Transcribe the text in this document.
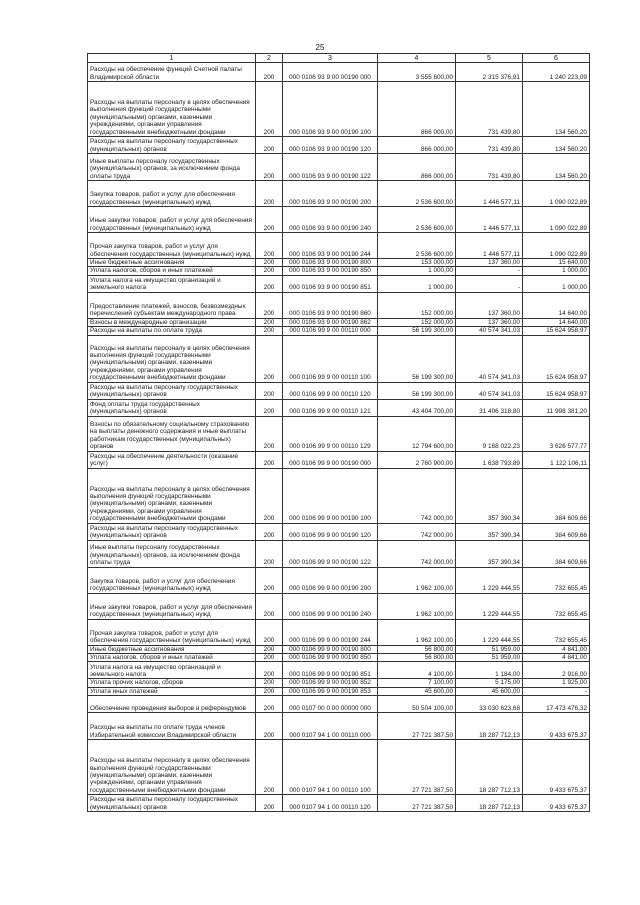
25
1	2	3	4	5	6
Расходы на обеспечение функций Счетной палаты Владимирской области	200	000 0106 93 9 00 00190 000	3 555 600,00	2 315 376,91	1 240 223,09
Расходы на выплаты персоналу в целях обеспечения выполнения функций государственными (муниципальными) органами, казенными учреждениями, органами управления государственными внебюджетными фондами	200	000 0106 93 9 00 00190 100	866 000,00	731 439,80	134 560,20
Расходы на выплаты персоналу государственных (муниципальных) органов	200	000 0106 93 9 00 00190 120	866 000,00	731 439,80	134 560,20
Иные выплаты персоналу государственных (муниципальных) органов, за исключением фонда оплаты труда	200	000 0106 93 9 00 00190 122	866 000,00	731 439,80	134 560,20
Закупка товаров, работ и услуг для обеспечения государственных (муниципальных) нужд	200	000 0106 93 9 00 00190 200	2 536 600,00	1 446 577,11	1 090 022,89
Иные закупки товаров, работ и услуг для обеспечения государственных (муниципальных) нужд	200	000 0106 93 9 00 00190 240	2 536 600,00	1 446 577,11	1 090 022,89
Прочая закупка товаров, работ и услуг для обеспечения государственных (муниципальных) нужд	200	000 0106 93 9 00 00190 244	2 536 600,00	1 446 577,11	1 090 022,89
Иные бюджетные ассигнования	200	000 0106 93 9 00 00190 800	153 000,00	137 360,00	15 640,00
Уплата налогов, сборов и иных платежей	200	000 0106 93 9 00 00190 850	1 000,00	-	1 000,00
Уплата налога на имущество организаций и земельного налога	200	000 0106 93 9 00 00190 851	1 000,00	-	1 000,00
Предоставление платежей, взносов, безвозмездных перечислений субъектам международного права	200	000 0106 93 9 00 00190 860	152 000,00	137 360,00	14 640,00
Взносы в международные организации	200	000 0106 93 9 00 00190 862	152 000,00	137 360,00	14 640,00
Расходы на выплаты по оплате труда	200	000 0106 99 9 00 00110 000	56 199 300,00	40 574 341,03	15 624 958,97
Расходы на выплаты персоналу в целях обеспечения выполнения функций государственными (муниципальными) органами, казенными учреждениями, органами управления государственными внебюджетными фондами	200	000 0106 99 9 00 00110 100	56 199 300,00	40 574 341,03	15 624 958,97
Расходы на выплаты персоналу государственных (муниципальных) органов	200	000 0106 99 9 00 00110 120	56 199 300,00	40 574 341,03	15 624 958,97
Фонд оплаты труда государственных (муниципальных) органов	200	000 0106 99 9 00 00110 121	43 404 700,00	31 406 318,80	11 998 381,20
Взносы по обязательному социальному страхованию на выплаты денежного содержания и иные выплаты работникам государственных (муниципальных) органов	200	000 0106 99 9 00 00110 129	12 794 600,00	9 168 022,23	3 626 577,77
Расходы на обеспечение деятельности (оказание услуг)	200	000 0106 99 9 00 00190 000	2 760 900,00	1 638 793,89	1 122 106,11
Расходы на выплаты персоналу в целях обеспечения выполнения функций государственными (муниципальными) органами, казенными учреждениями, органами управления государственными внебюджетными фондами	200	000 0106 99 9 00 00190 100	742 000,00	357 390,34	384 609,66
Расходы на выплаты персоналу государственных (муниципальных) органов	200	000 0106 99 9 00 00190 120	742 000,00	357 390,34	384 609,66
Иные выплаты персоналу государственных (муниципальных) органов, за исключением фонда оплаты труда	200	000 0106 99 9 00 00190 122	742 000,00	357 390,34	384 609,66
Закупка товаров, работ и услуг для обеспечения государственных (муниципальных) нужд	200	000 0106 99 9 00 00190 200	1 962 100,00	1 229 444,55	732 655,45
Иные закупки товаров, работ и услуг для обеспечения государственных (муниципальных) нужд	200	000 0106 99 9 00 00190 240	1 962 100,00	1 229 444,55	732 655,45
Прочая закупка товаров, работ и услуг для обеспечения государственных (муниципальных) нужд	200	000 0106 99 9 00 00190 244	1 962 100,00	1 229 444,55	732 655,45
Иные бюджетные ассигнования	200	000 0106 99 9 00 00190 800	56 800,00	51 959,00	4 841,00
Уплата налогов, сборов и иных платежей	200	000 0106 99 9 00 00190 850	56 800,00	51 959,00	4 841,00
Уплата налога на имущество организаций и земельного налога	200	000 0106 99 9 00 00190 851	4 100,00	1 184,00	2 916,00
Уплата прочих налогов, сборов	200	000 0106 99 9 00 00190 852	7 100,00	5 175,00	1 925,00
Уплата иных платежей	200	000 0106 99 9 00 00190 853	45 600,00	45 600,00	-
Обеспечение проведения выборов и референдумов	200	000 0107 00 0 00 00000 000	50 504 100,00	33 030 623,68	17 473 476,32
Расходы на выплаты по оплате труда членов Избирательной комиссии Владимирской области	200	000 0107 94 1 00 00110 000	27 721 387,50	18 287 712,13	9 433 675,37
Расходы на выплаты персоналу в целях обеспечения выполнения функций государственными (муниципальными) органами, казенными учреждениями, органами управления государственными внебюджетными фондами	200	000 0107 94 1 00 00110 100	27 721 387,50	18 287 712,13	9 433 675,37
Расходы на выплаты персоналу государственных (муниципальных) органов	200	000 0107 94 1 00 00110 120	27 721 387,50	18 287 712,13	9 433 675,37
